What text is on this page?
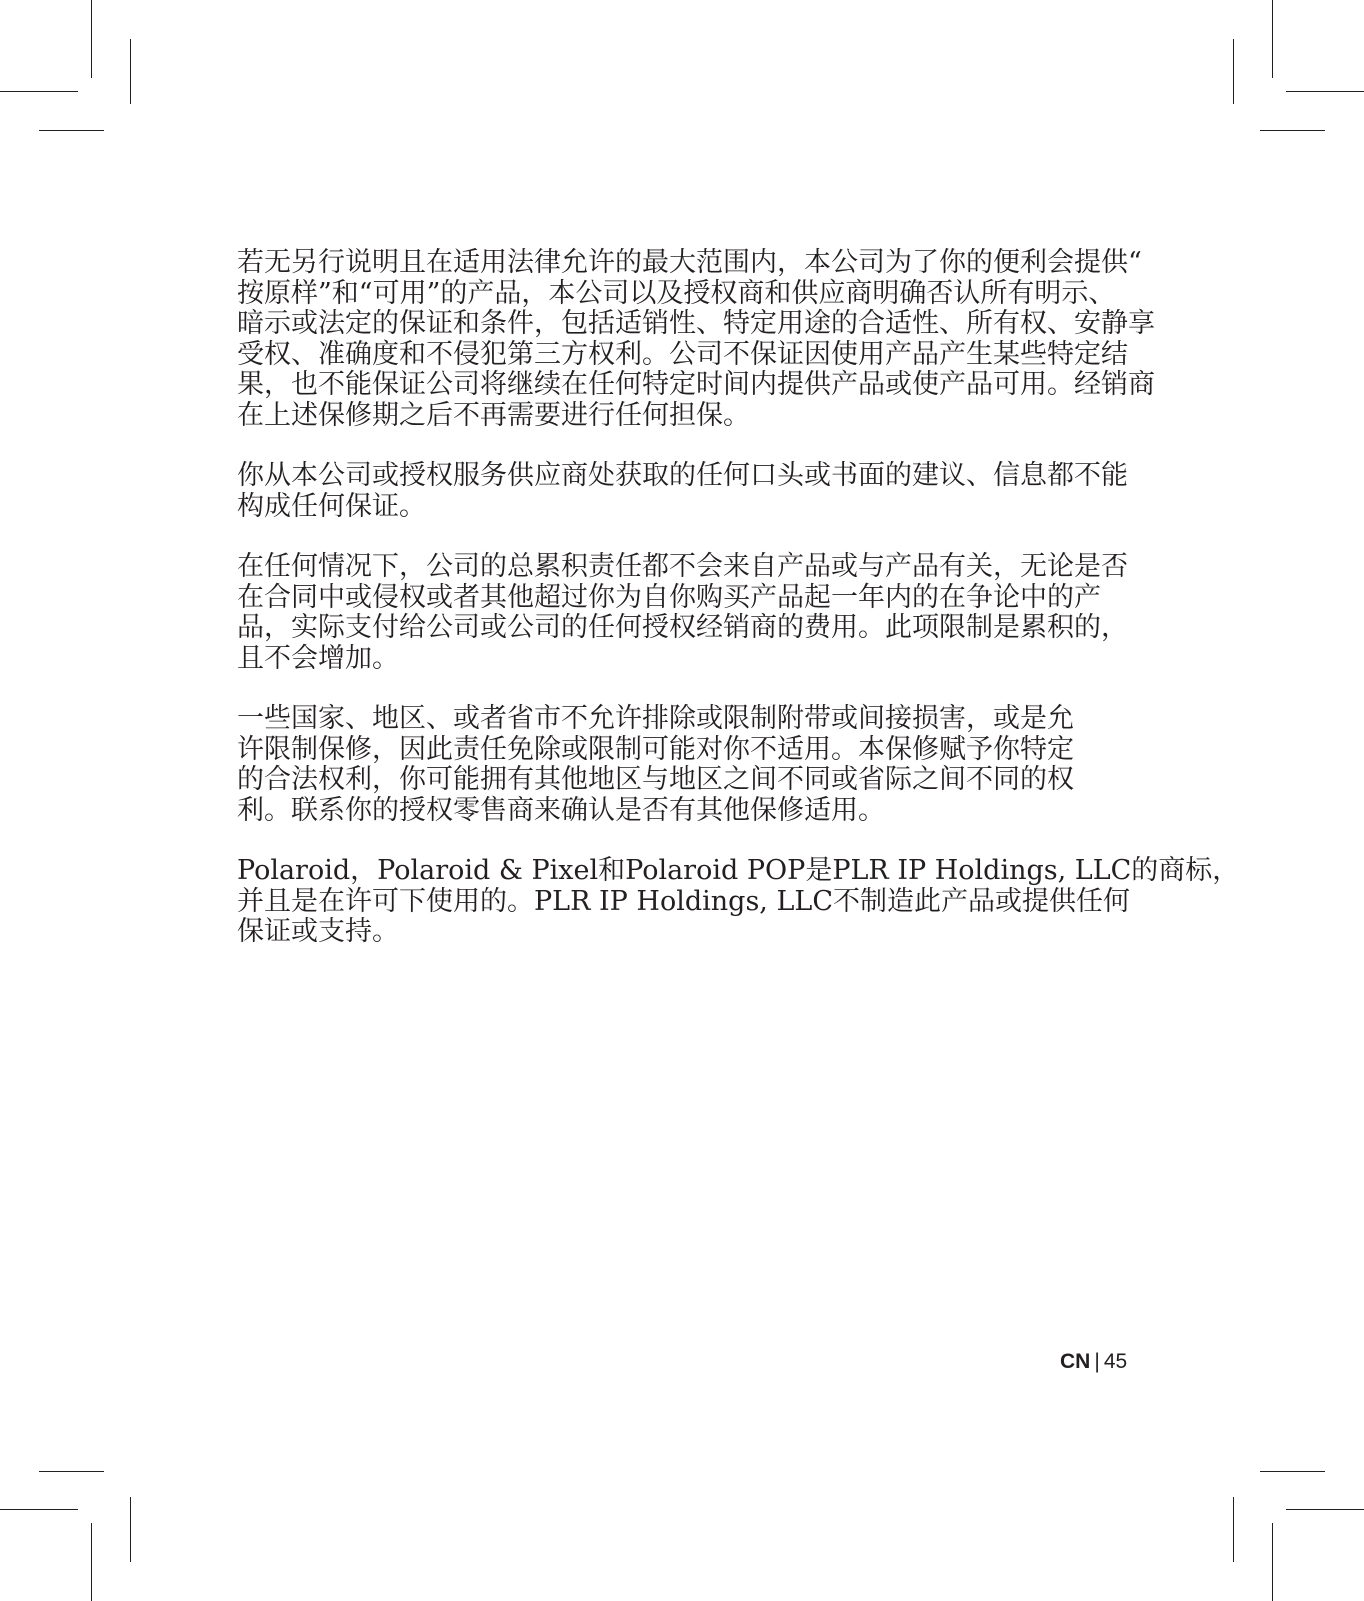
若无另行说明且在适用法律允许的最大范围内，本公司为了你的便利会提供“
按原样”和“可用”的产品，本公司以及授权商和供应商明确否认所有明示、
暗示或法定的保证和条件，包括适销性、特定用途的合适性、所有权、安静享
受权、准确度和不侵犯第三方权利。公司不保证因使用产品产生某些特定结
果，也不能保证公司将继续在任何特定时间内提供产品或使产品可用。经销商
在上述保修期之后不再需要进行任何担保。

你从本公司或授权服务供应商处获取的任何口头或书面的建议、信息都不能
构成任何保证。

在任何情况下，公司的总累积责任都不会来自产品或与产品有关，无论是否
在合同中或侵权或者其他超过你为自你购买产品起一年内的在争论中的产
品，实际支付给公司或公司的任何授权经销商的费用。此项限制是累积的，
且不会增加。

一些国家、地区、或者省市不允许排除或限制附带或间接损害，或是允
许限制保修，因此责任免除或限制可能对你不适用。本保修赋予你特定
的合法权利，你可能拥有其他地区与地区之间不同或省际之间不同的权
利。联系你的授权零售商来确认是否有其他保修适用。

Polaroid，Polaroid & Pixel和Polaroid POP是PLR IP Holdings, LLC的商标，
并且是在许可下使用的。PLR IP Holdings, LLC不制造此产品或提供任何
保证或支持。

CN | 45
